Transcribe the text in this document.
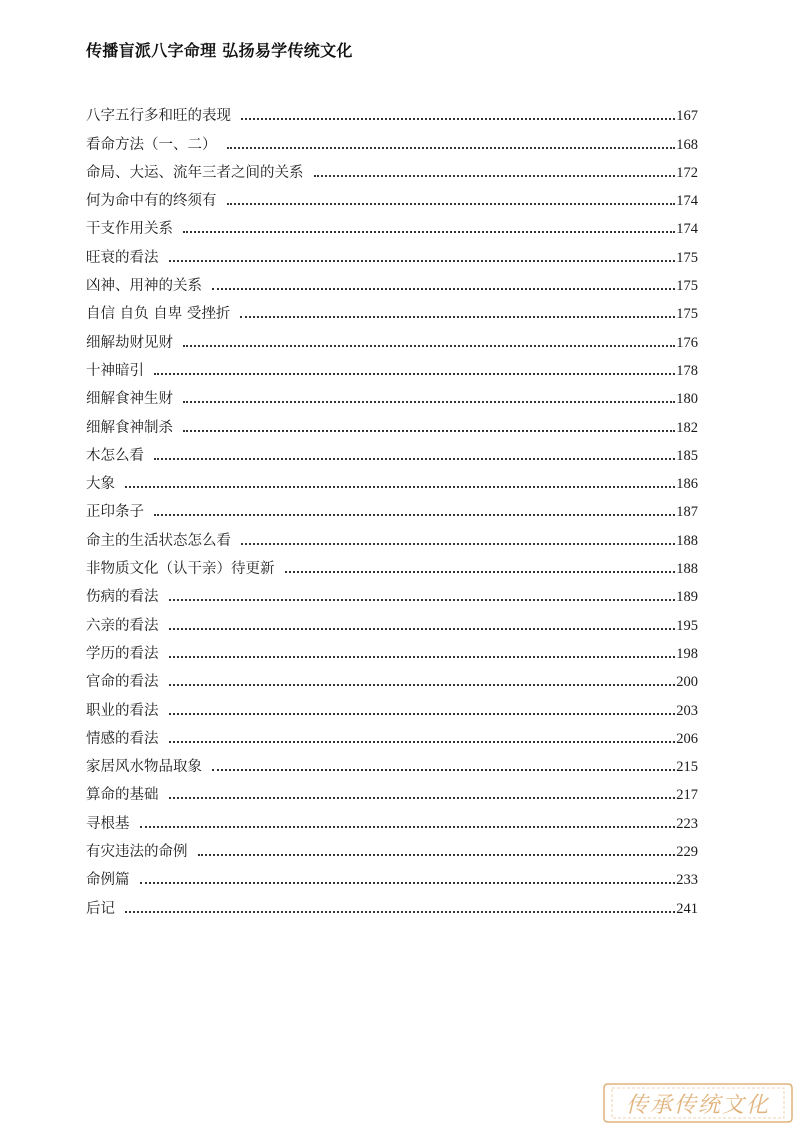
传播盲派八字命理 弘扬易学传统文化
八字五行多和旺的表现	167
看命方法（一、二）	168
命局、大运、流年三者之间的关系	172
何为命中有的终须有	174
干支作用关系	174
旺衰的看法	175
凶神、用神的关系	175
自信 自负 自卑 受挫折	175
细解劫财见财	176
十神暗引	178
细解食神生财	180
细解食神制杀	182
木怎么看	185
大象	186
正印条子	187
命主的生活状态怎么看	188
非物质文化（认干亲）待更新	188
伤病的看法	189
六亲的看法	195
学历的看法	198
官命的看法	200
职业的看法	203
情感的看法	206
家居风水物品取象	215
算命的基础	217
寻根基	223
有灾违法的命例	229
命例篇	233
后记	241
传承传统文化
